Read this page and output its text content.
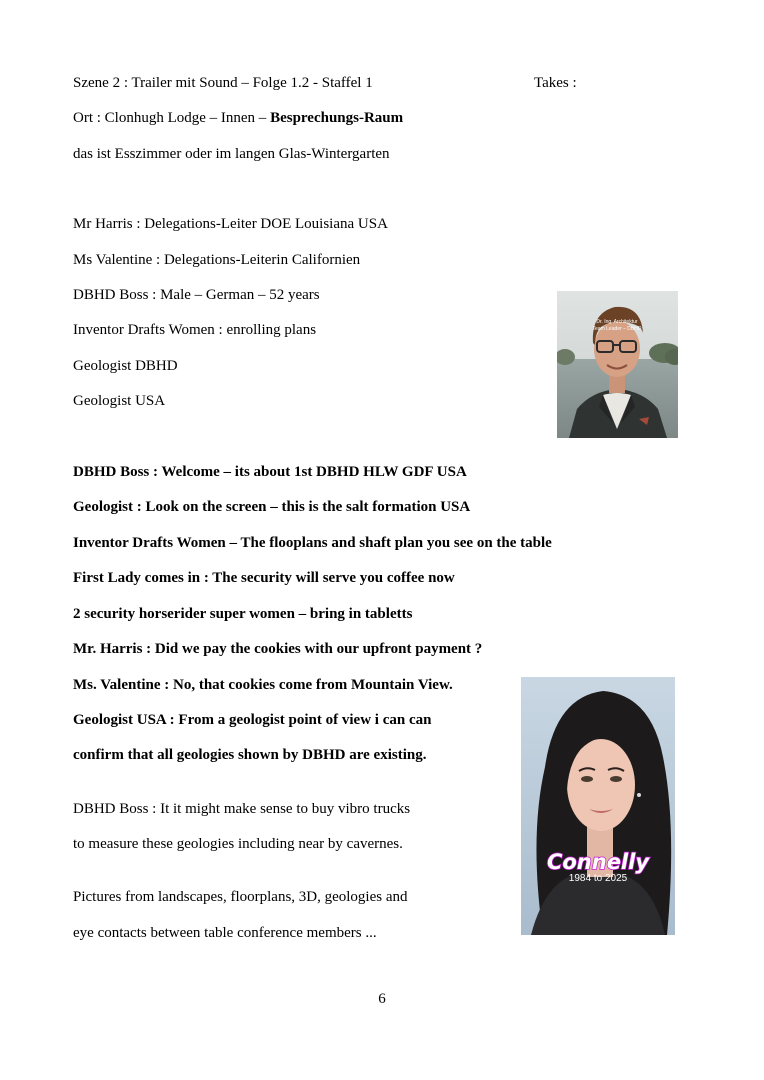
Szene 2 : Trailer mit Sound – Folge 1.2 - Staffel 1	Takes :
Ort : Clonhugh Lodge – Innen – Besprechungs-Raum
das ist Esszimmer oder im langen Glas-Wintergarten
Mr Harris : Delegations-Leiter DOE Louisiana USA
Ms Valentine : Delegations-Leiterin Californien
DBHD Boss : Male – German – 52 years
Inventor Drafts Women : enrolling plans
Geologist DBHD
Geologist USA
DBHD Boss : Welcome – its about 1st DBHD HLW GDF USA
Geologist : Look on the screen – this is the salt formation USA
Inventor Drafts Women – The flooplans and shaft plan you see on the table
First Lady comes in : The security will serve you coffee now
2 security horserider super women – bring in tabletts
Mr. Harris : Did we pay the cookies with our upfront payment ?
Ms. Valentine : No, that cookies come from Mountain View.
Geologist USA : From a geologist point of view i can can
confirm that all geologies shown by DBHD are existing.
DBHD Boss : It it might make sense to buy vibro trucks
to measure these geologies including near by cavernes.
Pictures from landscapes, floorplans, 3D, geologies and
eye contacts between table conference members ...
Dr. Ing. Architektur
Team Leader – DBHD
Connelly
1984 to 2025
6
